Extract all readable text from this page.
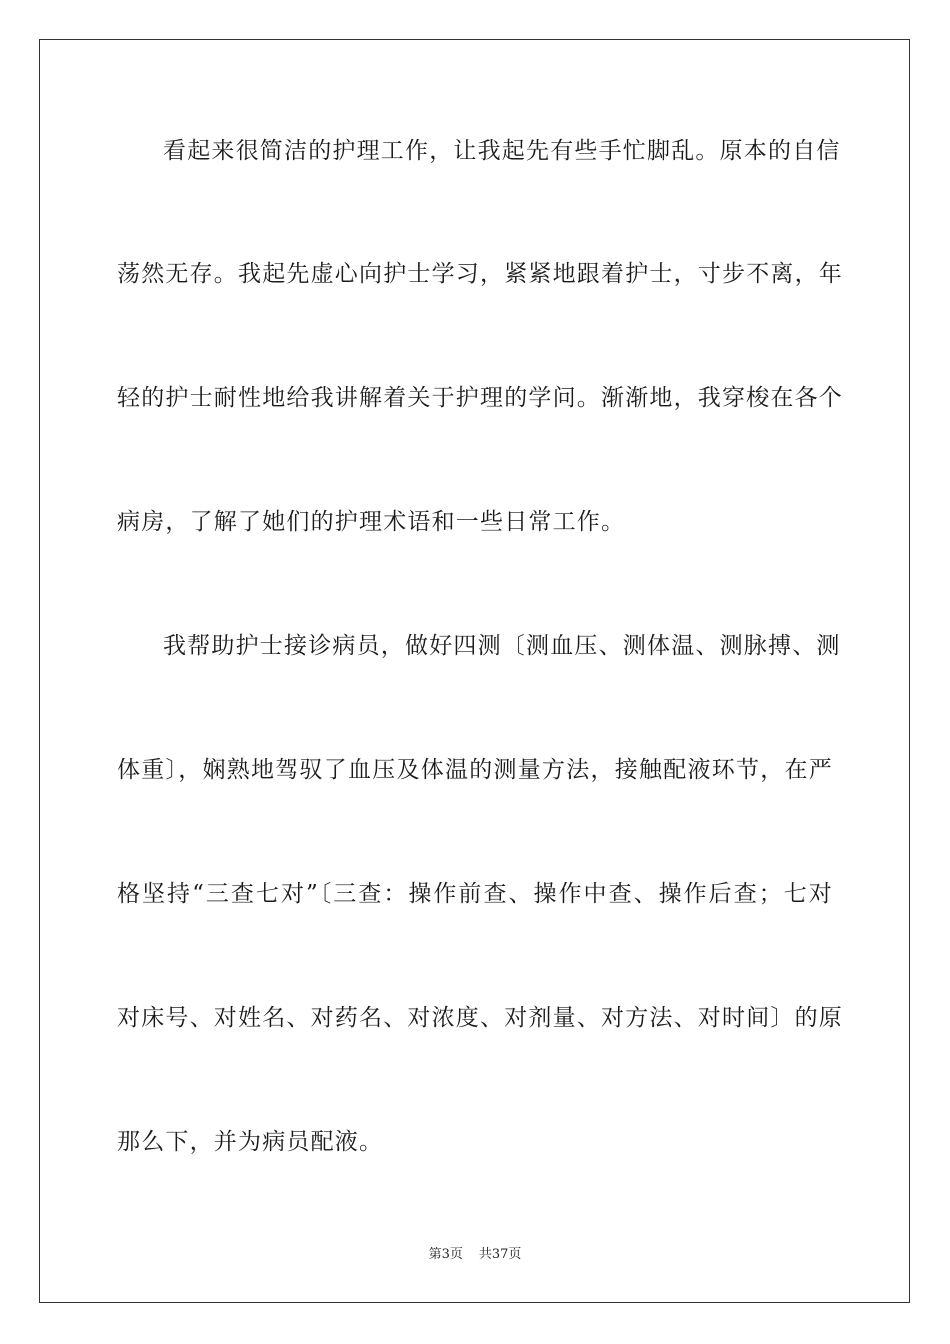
看起来很简洁的护理工作，让我起先有些手忙脚乱。原本的自信
荡然无存。我起先虚心向护士学习，紧紧地跟着护士，寸步不离，年
轻的护士耐性地给我讲解着关于护理的学问。渐渐地，我穿梭在各个
病房，了解了她们的护理术语和一些日常工作。
我帮助护士接诊病员，做好四测〔测血压、测体温、测脉搏、测
体重〕，娴熟地驾驭了血压及体温的测量方法，接触配液环节，在严
格坚持“三查七对”〔三查：操作前查、操作中查、操作后查；七对
对床号、对姓名、对药名、对浓度、对剂量、对方法、对时间〕的原
那么下，并为病员配液。
第3页 共37页
